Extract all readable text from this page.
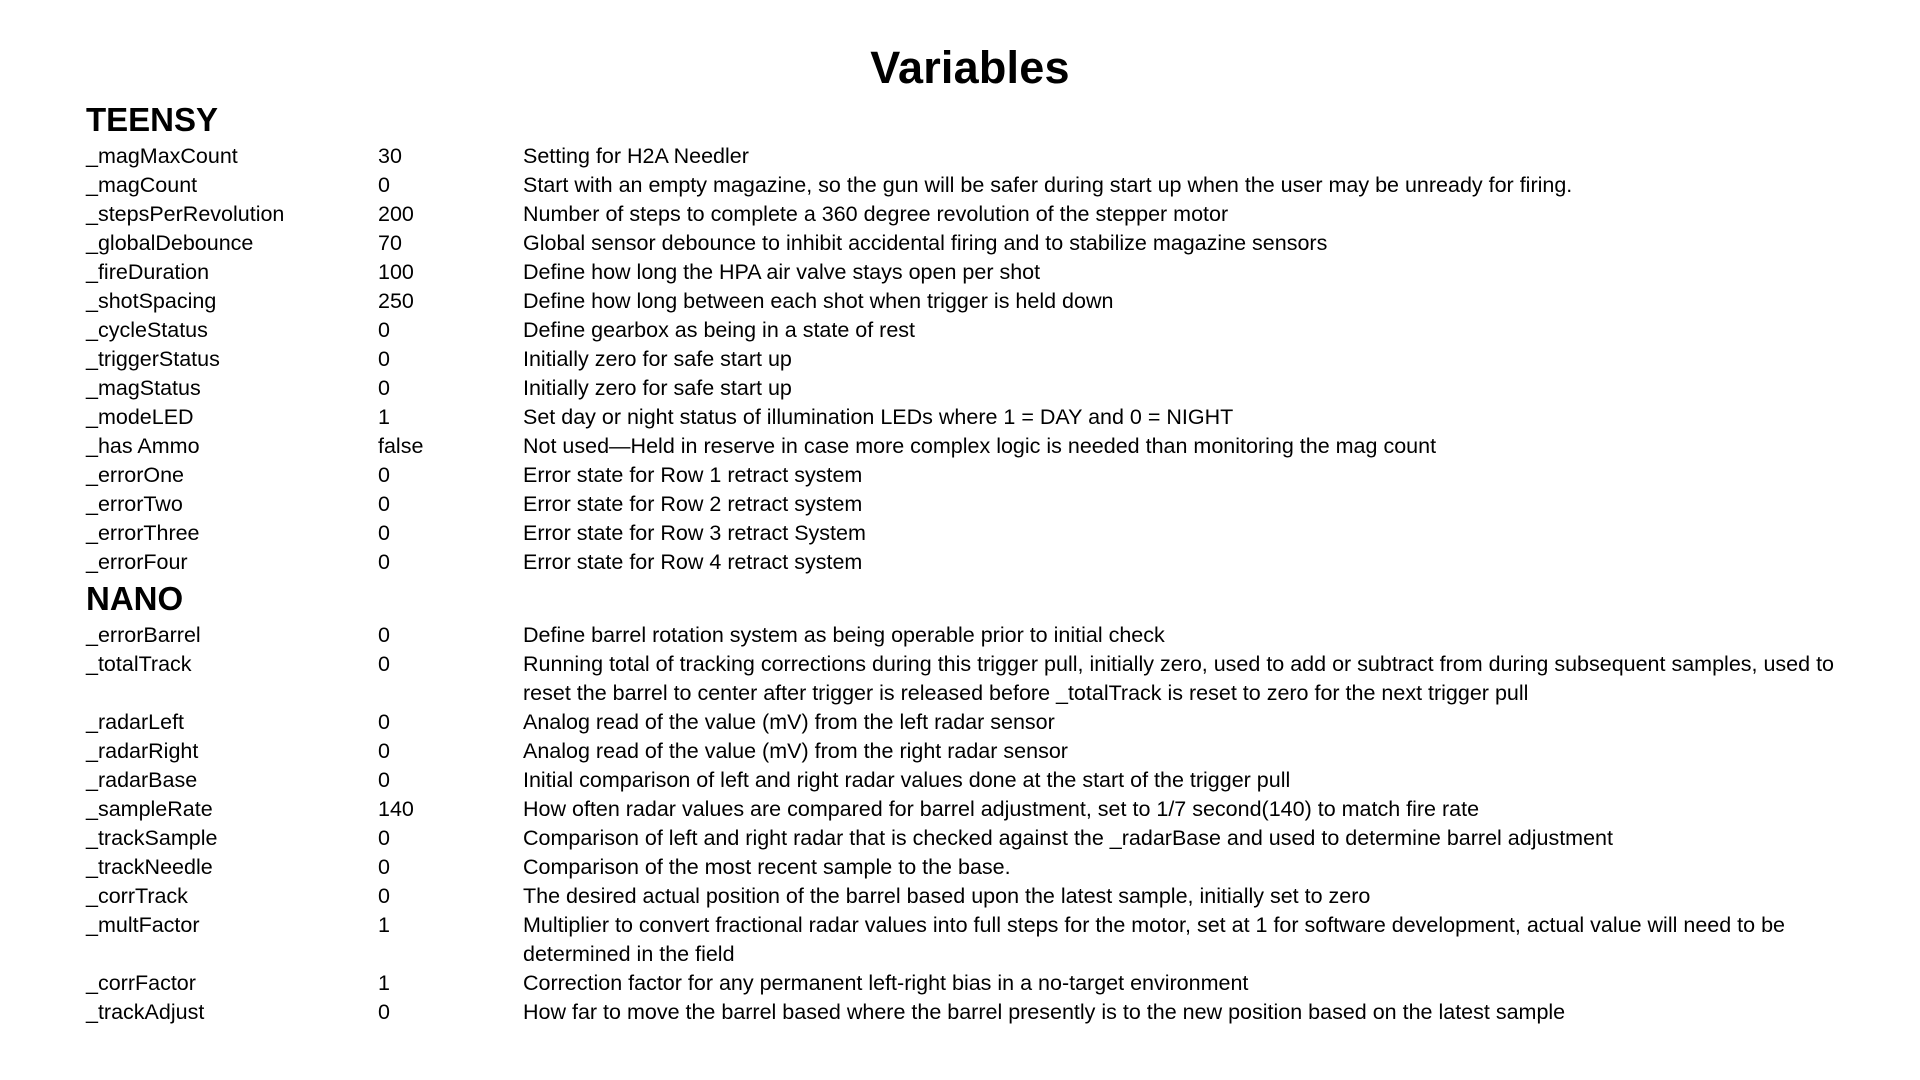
Variables
TEENSY
_magMaxCount	30	Setting for H2A Needler
_magCount	0	Start with an empty magazine, so the gun will be safer during start up when the user may be unready for firing.
_stepsPerRevolution	200	Number of steps to complete a 360 degree revolution of the stepper motor
_globalDebounce	70	Global sensor debounce to inhibit accidental firing and to stabilize magazine sensors
_fireDuration	100	Define how long the HPA air valve stays open per shot
_shotSpacing	250	Define how long between each shot when trigger is held down
_cycleStatus	0	Define gearbox as being in a state of rest
_triggerStatus	0	Initially zero for safe start up
_magStatus	0	Initially zero for safe start up
_modeLED	1	Set day or night status of illumination LEDs where 1 = DAY and 0 = NIGHT
_has Ammo	false	Not used—Held in reserve in case more complex logic is needed than monitoring the mag count
_errorOne	0	Error state for Row 1 retract system
_errorTwo	0	Error state for Row 2 retract system
_errorThree	0	Error state for Row 3 retract System
_errorFour	0	Error state for Row 4 retract system
NANO
_errorBarrel	0	Define barrel rotation system as being operable prior to initial check
_totalTrack	0	Running total of tracking corrections during this trigger pull, initially zero, used to add or subtract from during subsequent samples, used to reset the barrel to center after trigger is released before _totalTrack is reset to zero for the next trigger pull
_radarLeft	0	Analog read of the value (mV) from the left radar sensor
_radarRight	0	Analog read of the value (mV) from the right radar sensor
_radarBase	0	Initial comparison of left and right radar values done at the start of the trigger pull
_sampleRate	140	How often radar values are compared for barrel adjustment, set to 1/7 second(140) to match fire rate
_trackSample	0	Comparison of left and right radar that is checked against the _radarBase and used to determine barrel adjustment
_trackNeedle	0	Comparison of the most recent sample to the base.
_corrTrack	0	The desired actual position of the barrel based upon the latest sample, initially set to zero
_multFactor	1	Multiplier to convert fractional radar values into full steps for the motor, set at 1 for software development, actual value will need to be determined in the field
_corrFactor	1	Correction factor for any permanent left-right bias in a no-target environment
_trackAdjust	0	How far to move the barrel based where the barrel presently is to the new position based on the latest sample
